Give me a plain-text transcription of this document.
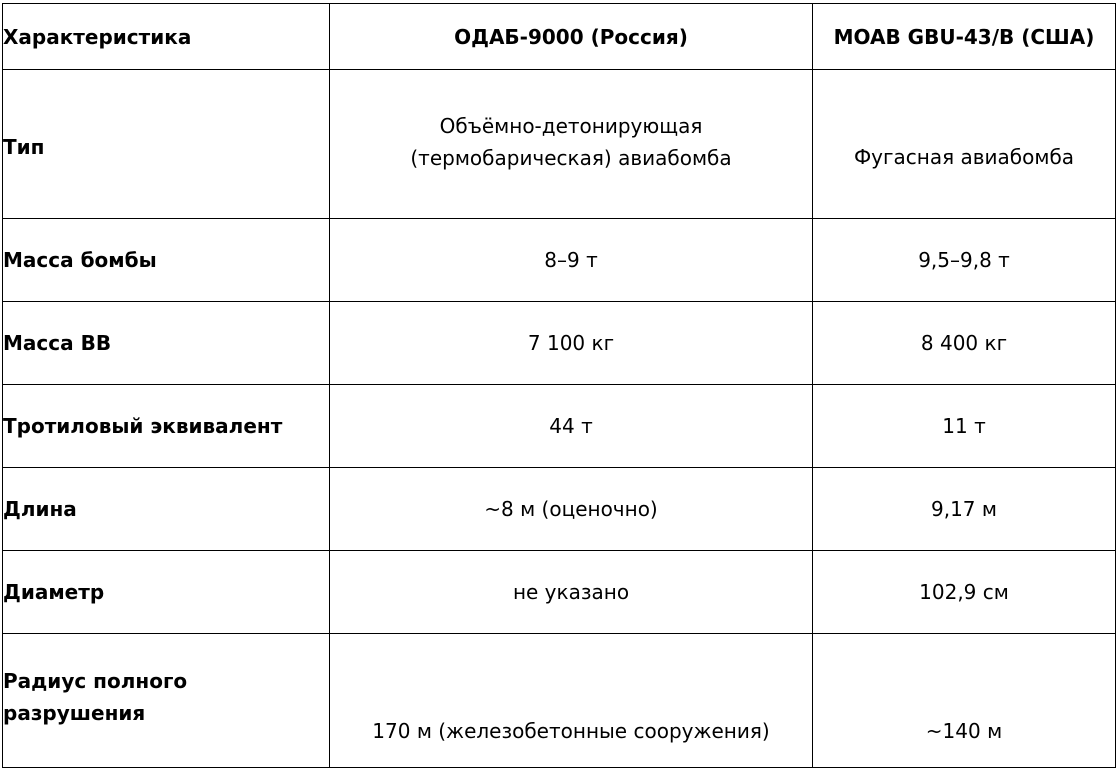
Характеристика	ОДАБ-9000 (Россия)	MOAB GBU-43/B (США)
Тип	Объёмно-детонирующая (термобарическая) авиабомба	Фугасная авиабомба
Масса бомбы	8–9 т	9,5–9,8 т
Масса ВВ	7 100 кг	8 400 кг
Тротиловый эквивалент	44 т	11 т
Длина	~8 м (оценочно)	9,17 м
Диаметр	не указано	102,9 см

Радиус полного разрушения	170 м (железобетонные сооружения)	~140 м
